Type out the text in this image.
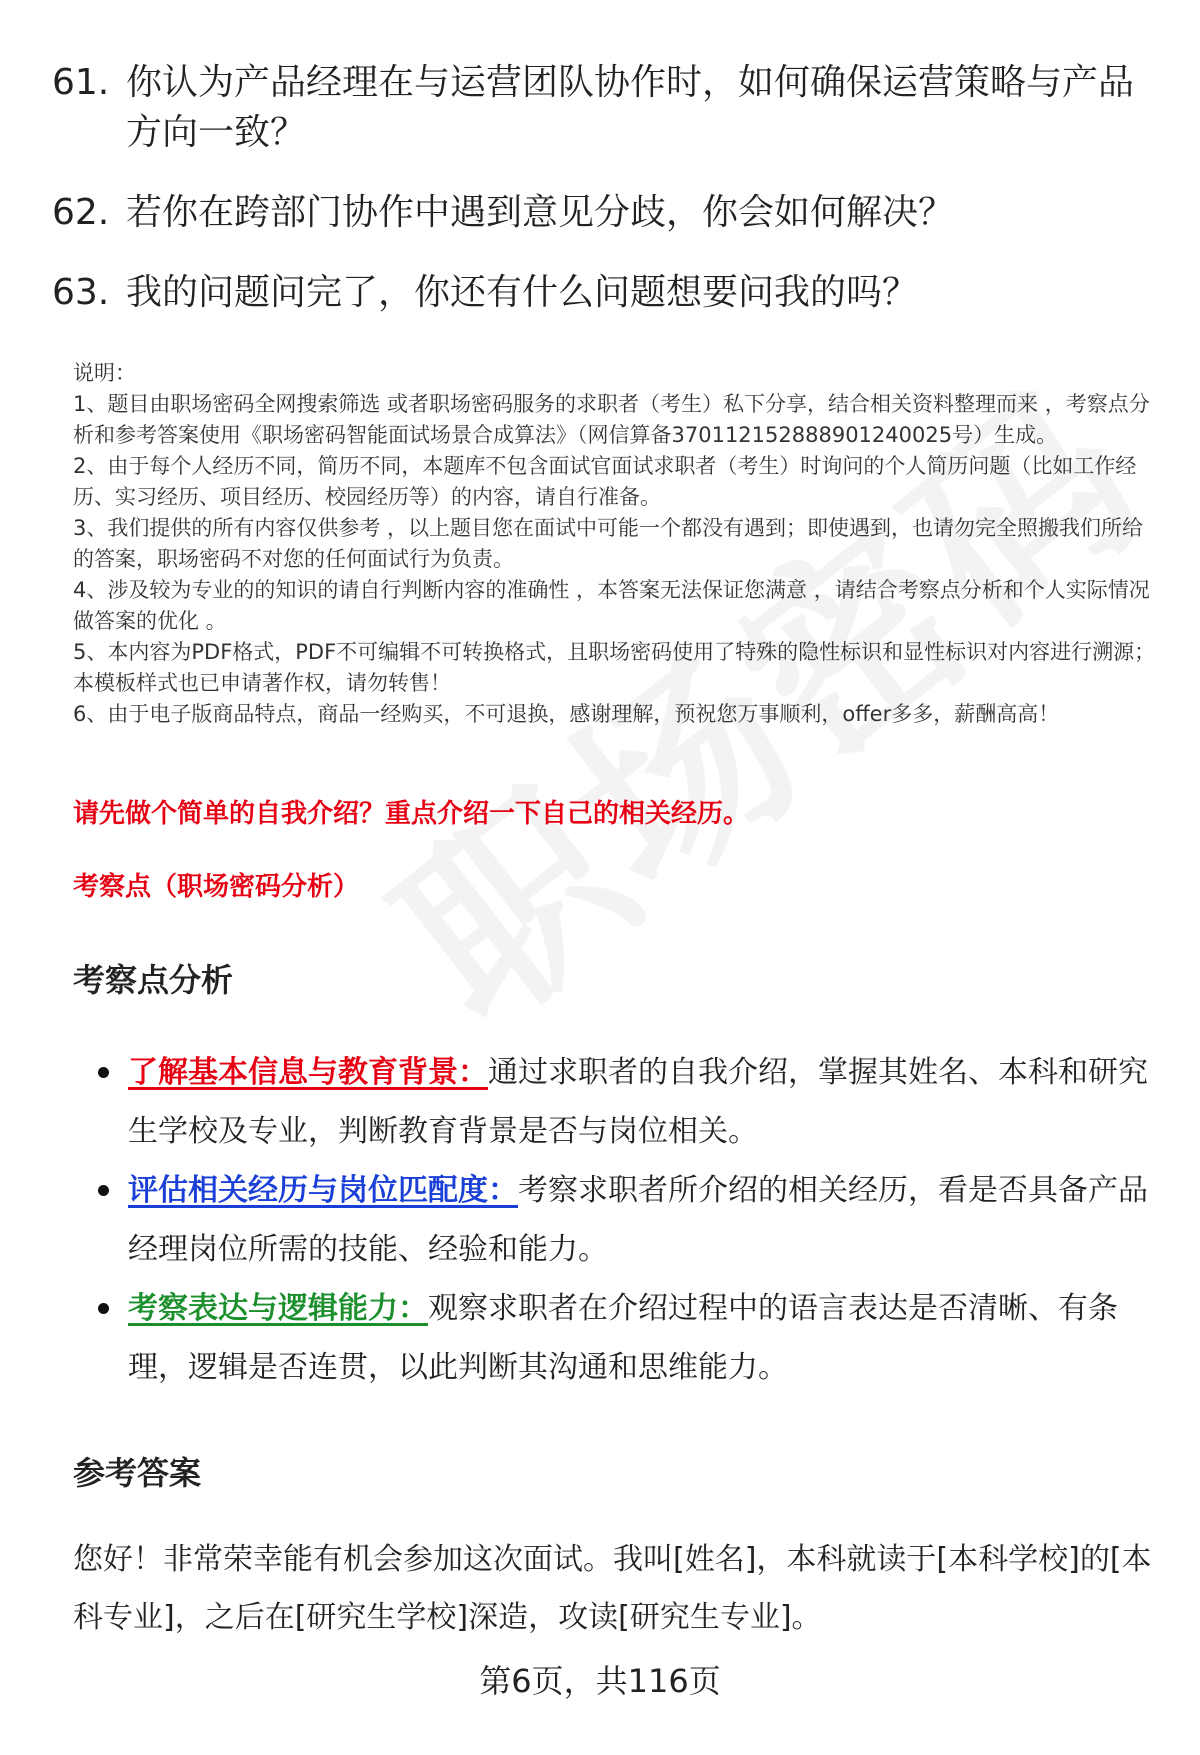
61. 你认为产品经理在与运营团队协作时，如何确保运营策略与产品方向一致？
62. 若你在跨部门协作中遇到意见分歧，你会如何解决？
63. 我的问题问完了，你还有什么问题想要问我的吗？

说明：

1、题目由职场密码全网搜索筛选 或者职场密码服务的求职者（考生）私下分享，结合相关资料整理而来 ，考察点分析和参考答案使用《职场密码智能面试场景合成算法》（网信算备370112152888901240025号）生成。

2、由于每个人经历不同，简历不同，本题库不包含面试官面试求职者（考生）时询问的个人简历问题（比如工作经历、实习经历、项目经历、校园经历等）的内容，请自行准备。

3、我们提供的所有内容仅供参考 ，以上题目您在面试中可能一个都没有遇到；即使遇到，也请勿完全照搬我们所给的答案，职场密码不对您的任何面试行为负责。

4、涉及较为专业的的知识的请自行判断内容的准确性 ，本答案无法保证您满意 ，请结合考察点分析和个人实际情况做答案的优化 。

5、本内容为PDF格式，PDF不可编辑不可转换格式，且职场密码使用了特殊的隐性标识和显性标识对内容进行溯源；本模板样式也已申请著作权，请勿转售！

6、由于电子版商品特点，商品一经购买，不可退换，感谢理解，预祝您万事顺利，offer多多，薪酬高高！

请先做个简单的自我介绍？重点介绍一下自己的相关经历。
考察点（职场密码分析）
考察点分析
了解基本信息与教育背景：通过求职者的自我介绍，掌握其姓名、本科和研究生学校及专业，判断教育背景是否与岗位相关。
评估相关经历与岗位匹配度：考察求职者所介绍的相关经历，看是否具备产品经理岗位所需的技能、经验和能力。
考察表达与逻辑能力：观察求职者在介绍过程中的语言表达是否清晰、有条理，逻辑是否连贯，以此判断其沟通和思维能力。
参考答案
您好！非常荣幸能有机会参加这次面试。我叫[姓名]，本科就读于[本科学校]的[本科专业]，之后在[研究生学校]深造，攻读[研究生专业]。
第6页，共116页
